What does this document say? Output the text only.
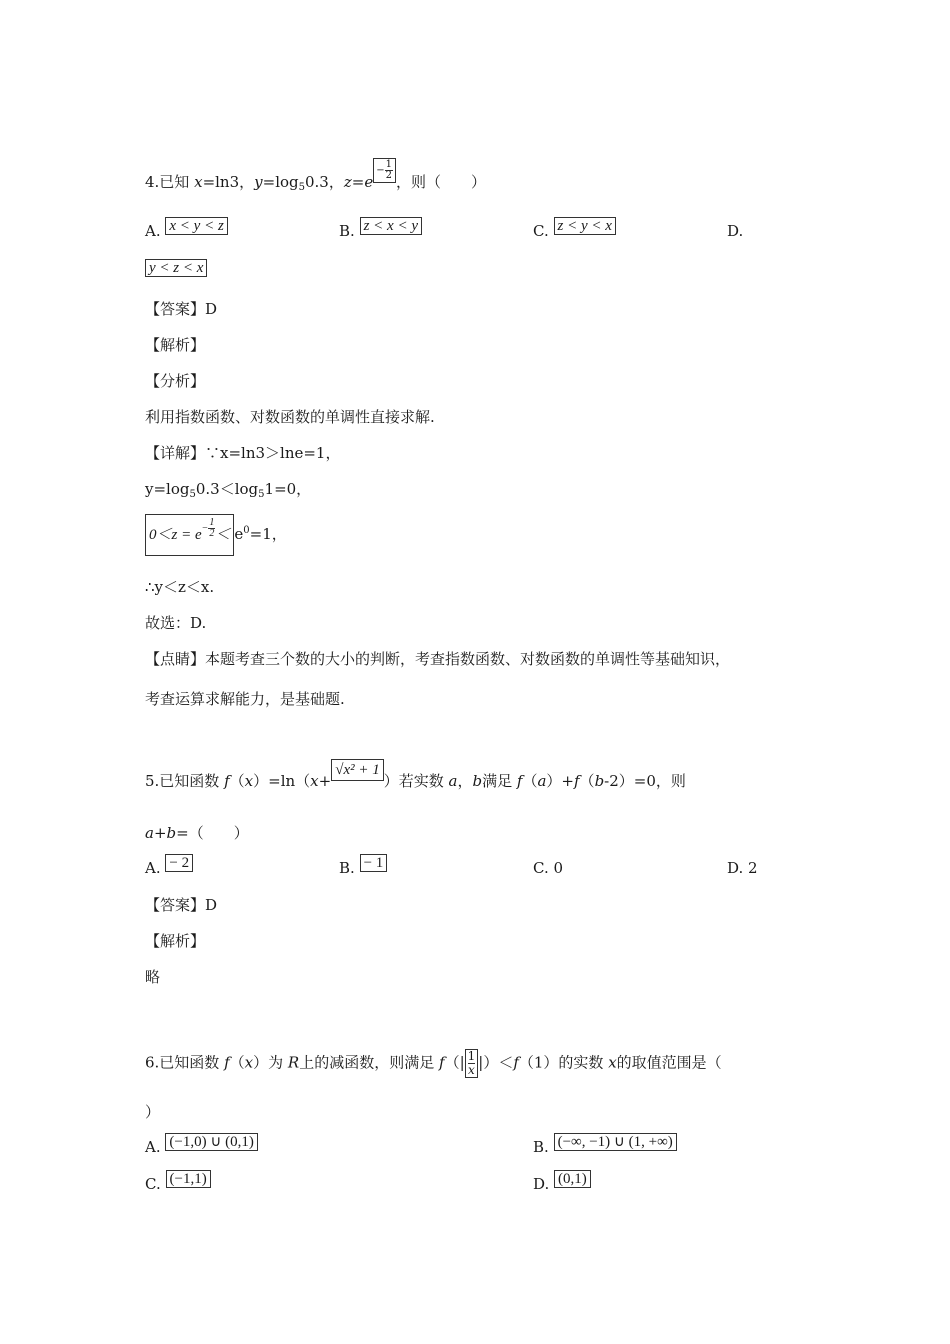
4.已知 x=ln3，$y=\log_50.3$，$z=e- \frac{1}{2}$
，则（　　）
A. x < y < z	B. z < x < y	C. z < y < x	D.
y < z < x
【答案】D
【解析】
【分析】
利用指数函数、对数函数的单调性直接求解.
【详解】∵x=ln3＞lne=1，
$y=\log_50.3<\log_51=0$，
$0<z = e- \frac{1}{2} < e^0=1$，
∴y＜z＜x.
故选：D.
【点睛】本题考查三个数的大小的判断，考查指数函数、对数函数的单调性等基础知识，
考查运算求解能力，是基础题.
5.已知函数 f（x）=ln（x+√x² + 1）若实数 a，b满足 f（a）+f（b-2）=0，则
a+b=（　　）
A. − 2	B. − 1	C. 0	D. 2
【答案】D
【解析】
略
6.已知函数 f（x）为 R上的减函数，则满足 $f(| \frac{1}{x}|)<f(1)$的实数 x的取值范围是（
）
A. (−1,0) ∪ (0,1)	B. (−∞, −1) ∪ (1, +∞)
C. (−1,1)	D. (0,1)
